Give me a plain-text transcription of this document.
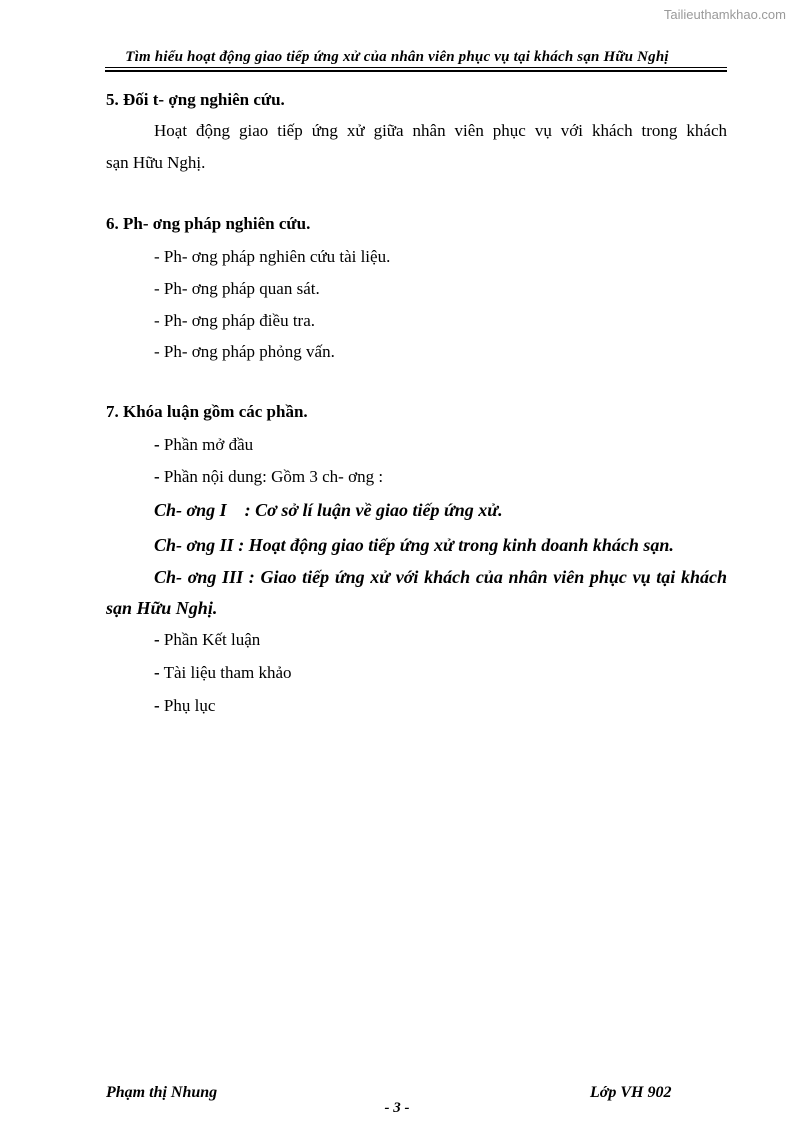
Tailieuthamkhao.com
Tìm hiểu hoạt động giao tiếp ứng xử của nhân viên phục vụ tại khách sạn Hữu Nghị
5. Đối t- ợng nghiên cứu.
Hoạt động giao tiếp ứng xử giữa nhân viên phục vụ với khách trong khách
sạn Hữu Nghị.
6. Ph- ơng pháp nghiên cứu.
- Ph- ơng pháp nghiên cứu tài liệu.
- Ph- ơng pháp quan sát.
- Ph- ơng pháp điều tra.
- Ph- ơng pháp phỏng vấn.
7. Khóa luận gồm các phần.
- Phần mở đầu
- Phần nội dung: Gồm 3 ch- ơng :
Ch- ơng I    : Cơ sở lí luận về giao tiếp ứng xử.
Ch- ơng II : Hoạt động giao tiếp ứng xử trong kinh doanh khách sạn.
Ch- ơng III : Giao tiếp ứng xử với khách của nhân viên phục vụ tại khách
sạn Hữu Nghị.
- Phần Kết luận
- Tài liệu tham khảo
- Phụ lục
Phạm thị Nhung	Lớp VH 902
- 3 -
